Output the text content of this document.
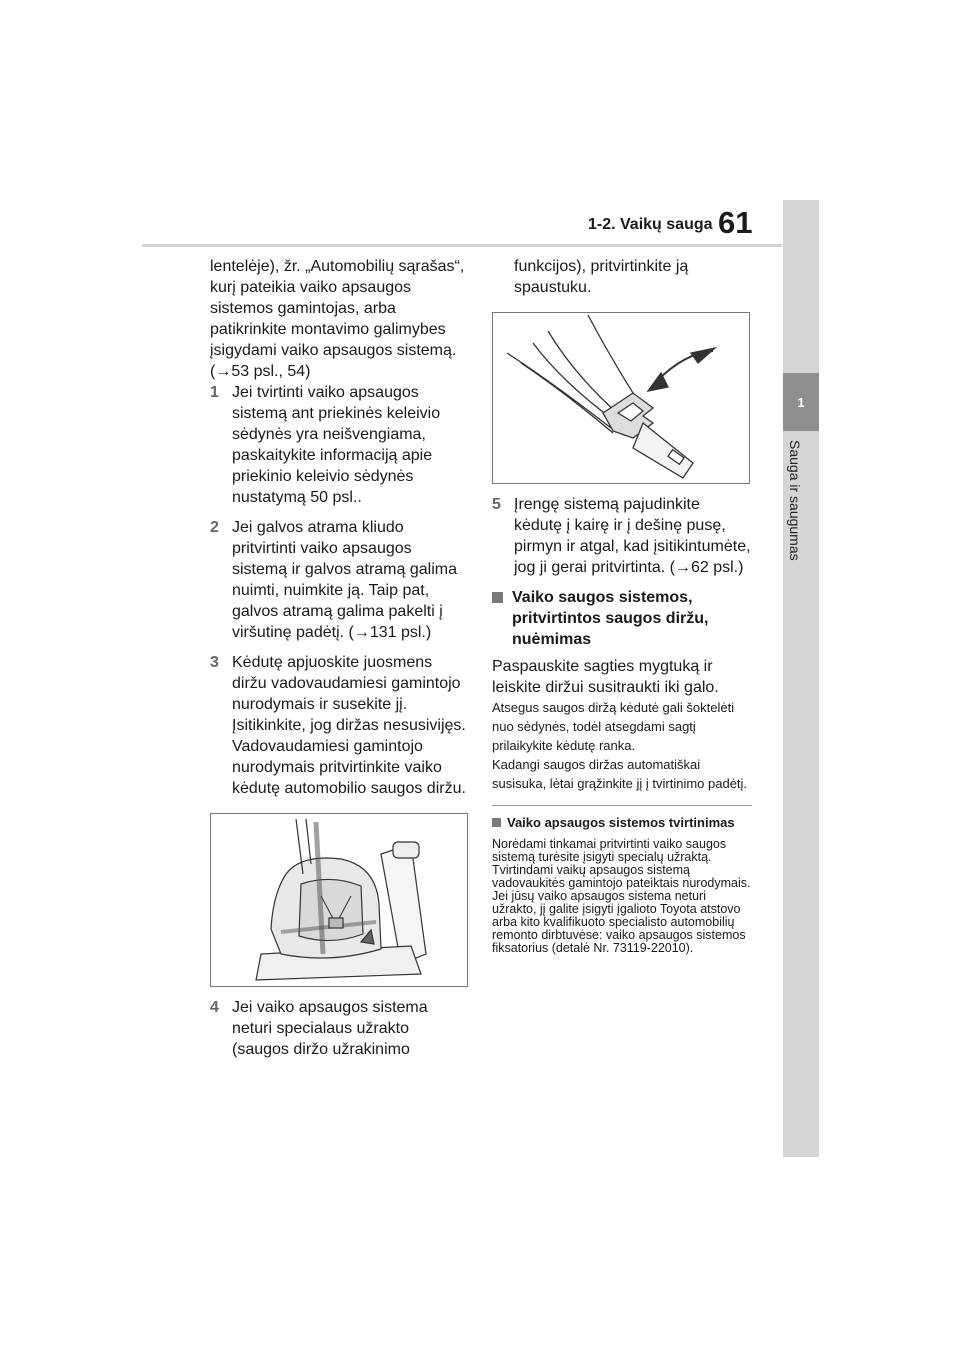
1-2. Vaikų sauga 61
1
Sauga ir saugumas

lentelėje), žr. „Automobilių sąrašas“, kurį pateikia vaiko apsaugos sistemos gamintojas, arba patikrinkite montavimo galimybes įsigydami vaiko apsaugos sistemą. (→53 psl., 54)

1 Jei tvirtinti vaiko apsaugos sistemą ant priekinės keleivio sėdynės yra neišvengiama, paskaitykite informaciją apie priekinio keleivio sėdynės nustatymą 50 psl..
2 Jei galvos atrama kliudo pritvirtinti vaiko apsaugos sistemą ir galvos atramą galima nuimti, nuimkite ją. Taip pat, galvos atramą galima pakelti į viršutinę padėtį. (→131 psl.)
3 Kėdutę apjuoskite juosmens diržu vadovaudamiesi gamintojo nurodymais ir susekite jį. Įsitikinkite, jog diržas nesusivijęs. Vadovaudamiesi gamintojo nurodymais pritvirtinkite vaiko kėdutę automobilio saugos diržu.
4 Jei vaiko apsaugos sistema neturi specialaus užrakto (saugos diržo užrakinimo

funkcijos), pritvirtinkite ją spaustuku.

5 Įrengę sistemą pajudinkite kėdutę į kairę ir į dešinę pusę, pirmyn ir atgal, kad įsitikintumėte, jog ji gerai pritvirtinta. (→62 psl.)
Vaiko saugos sistemos, pritvirtintos saugos diržu, nuėmimas

Paspauskite sagties mygtuką ir leiskite diržui susitraukti iki galo.

Atsegus saugos diržą kėdutė gali šoktelėti nuo sėdynės, todėl atsegdami sagtį prilaikykite kėdutę ranka.

Kadangi saugos diržas automatiškai susisuka, lėtai grąžinkite jį į tvirtinimo padėtį.

Vaiko apsaugos sistemos tvirtinimas

Norėdami tinkamai pritvirtinti vaiko saugos sistemą turėsite įsigyti specialų užraktą. Tvirtindami vaikų apsaugos sistemą vadovaukitės gamintojo pateiktais nurodymais. Jei jūsų vaiko apsaugos sistema neturi užrakto, jį galite įsigyti įgalioto Toyota atstovo arba kito kvalifikuoto specialisto automobilių remonto dirbtuvėse: vaiko apsaugos sistemos fiksatorius (detalė Nr. 73119-22010).
